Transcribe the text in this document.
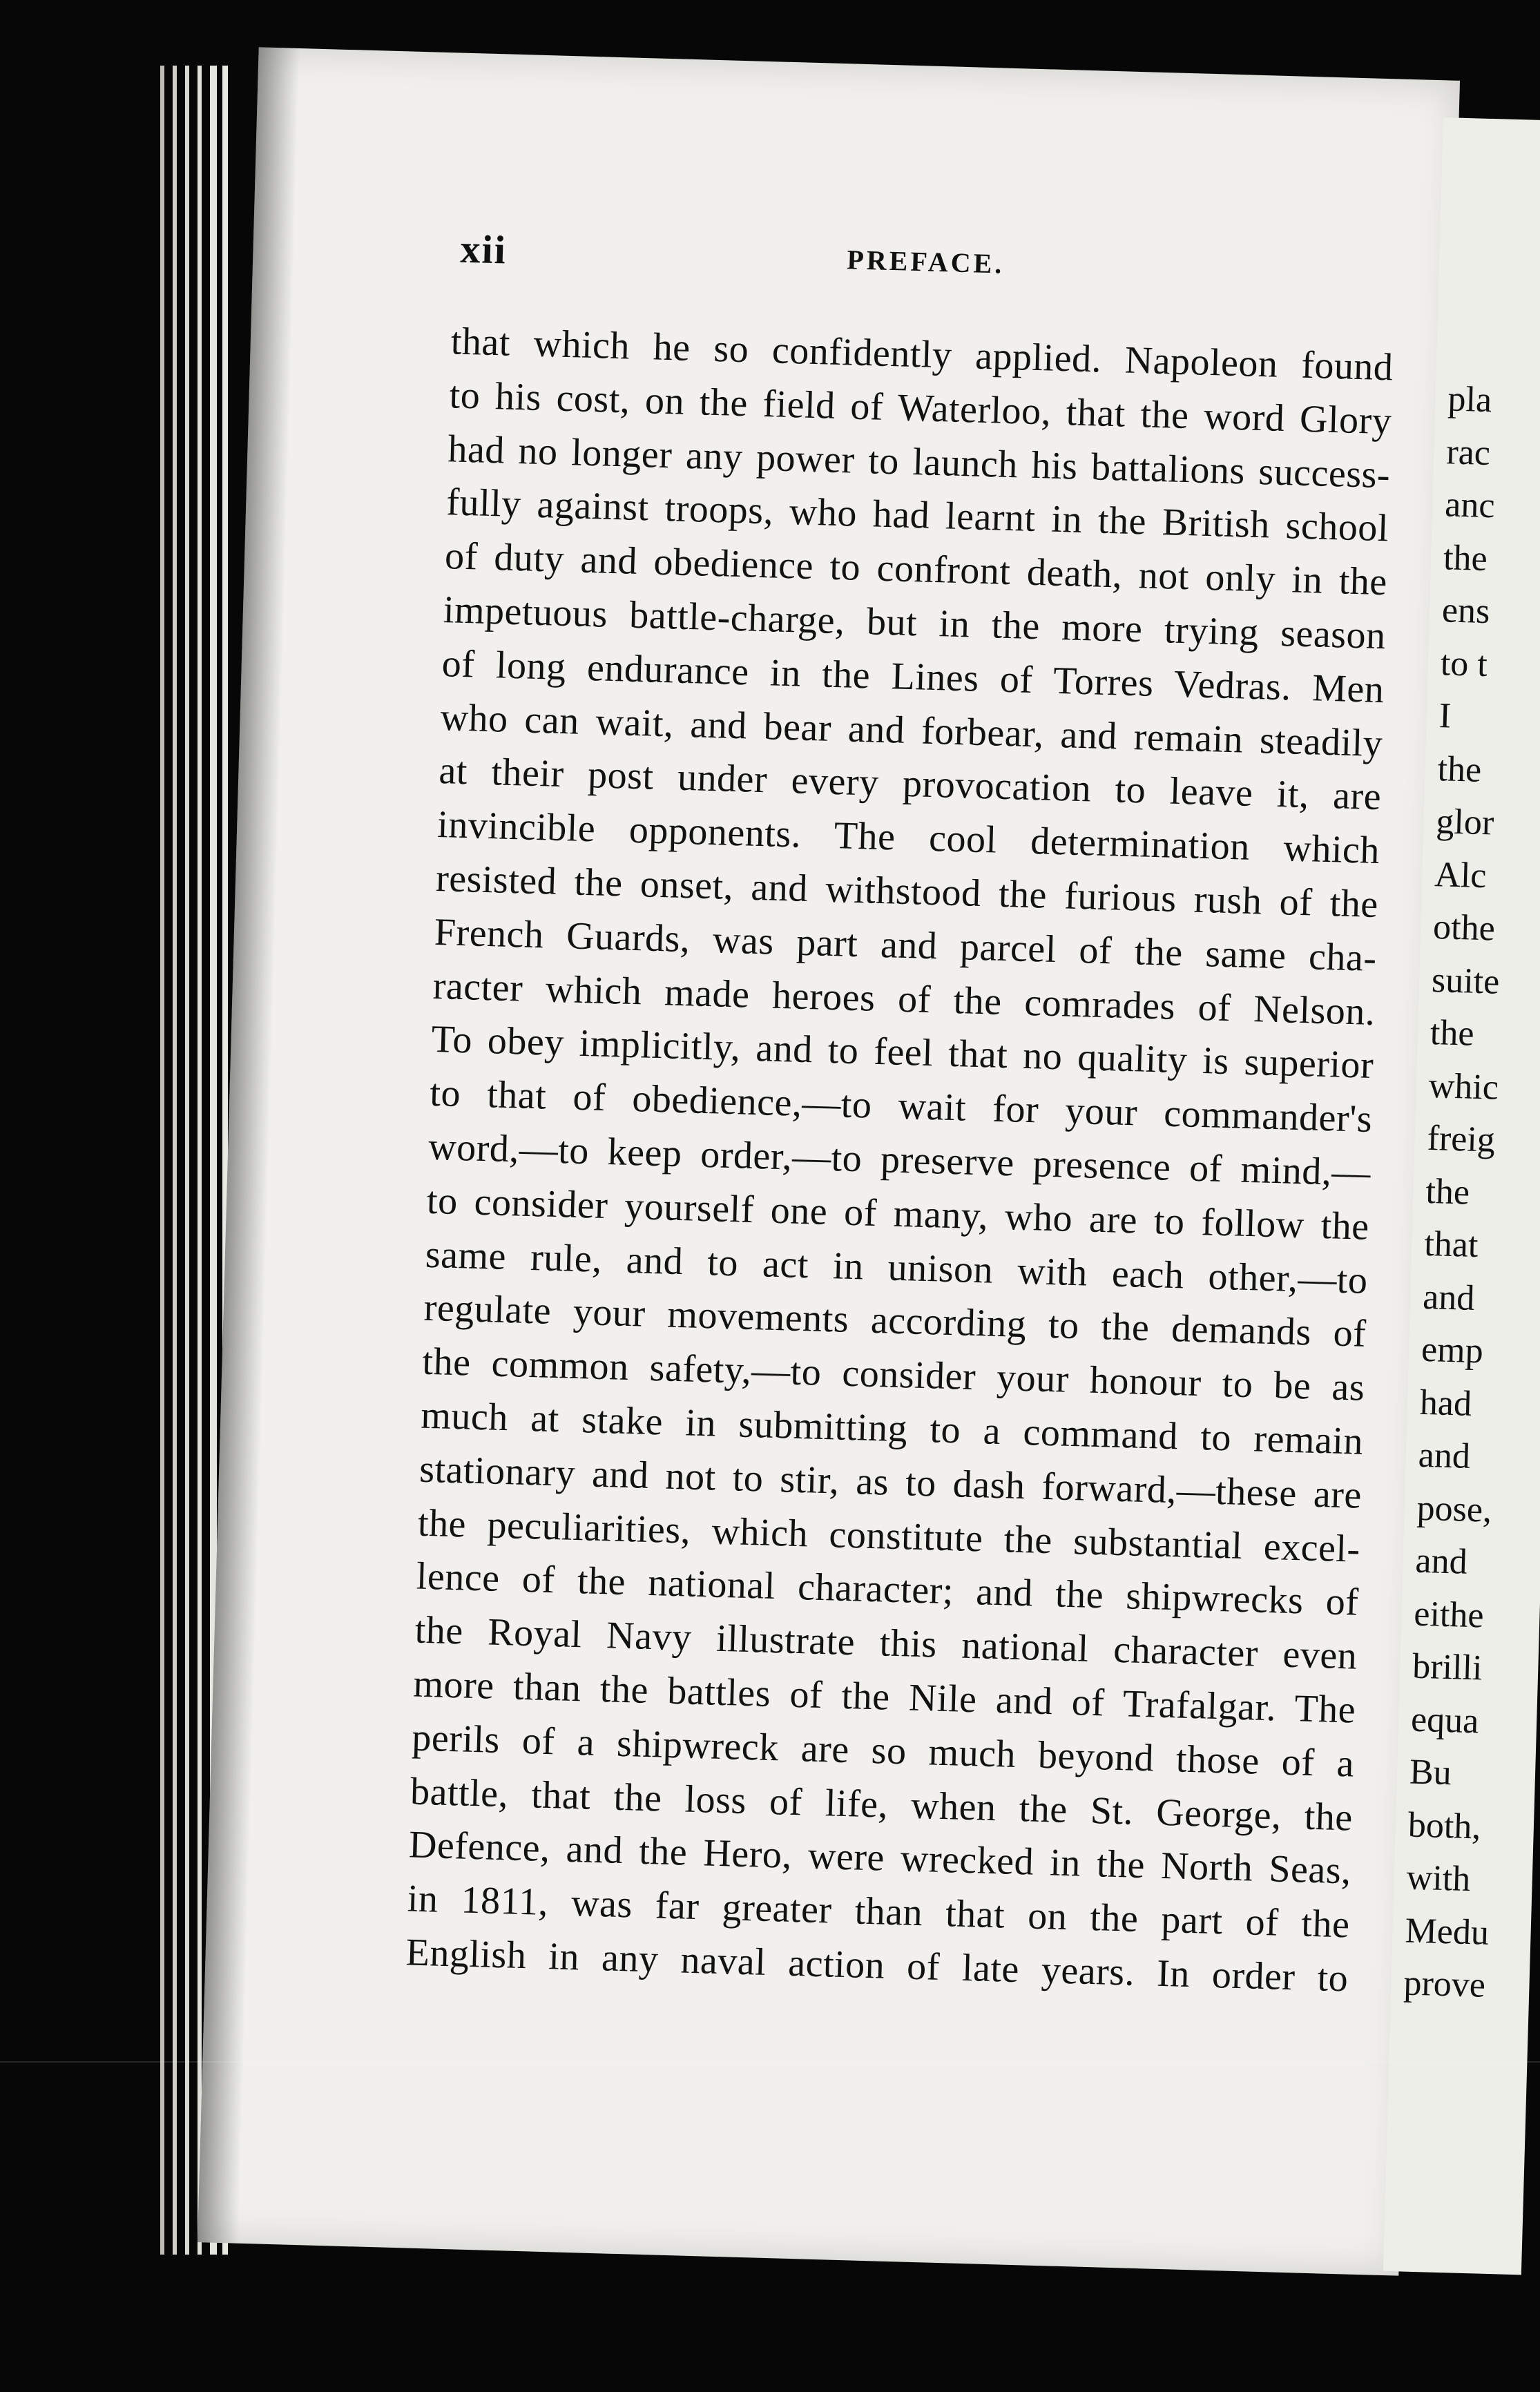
xii	PREFACE.
that which he so confidently applied. Napoleon found
to his cost, on the field of Waterloo, that the word Glory
had no longer any power to launch his battalions success-
fully against troops, who had learnt in the British school
of duty and obedience to confront death, not only in the
impetuous battle-charge, but in the more trying season
of long endurance in the Lines of Torres Vedras. Men
who can wait, and bear and forbear, and remain steadily
at their post under every provocation to leave it, are
invincible opponents. The cool determination which
resisted the onset, and withstood the furious rush of the
French Guards, was part and parcel of the same cha-
racter which made heroes of the comrades of Nelson.
To obey implicitly, and to feel that no quality is superior
to that of obedience,—to wait for your commander's
word,—to keep order,—to preserve presence of mind,—
to consider yourself one of many, who are to follow the
same rule, and to act in unison with each other,—to
regulate your movements according to the demands of
the common safety,—to consider your honour to be as
much at stake in submitting to a command to remain
stationary and not to stir, as to dash forward,—these are
the peculiarities, which constitute the substantial excel-
lence of the national character; and the shipwrecks of
the Royal Navy illustrate this national character even
more than the battles of the Nile and of Trafalgar. The
perils of a shipwreck are so much beyond those of a
battle, that the loss of life, when the St. George, the
Defence, and the Hero, were wrecked in the North Seas,
in 1811, was far greater than that on the part of the
English in any naval action of late years. In order to
pla
rac
anc
the
ens
to t
I
the
glor
Alc
othe
suite
the
whic
freig
the
that
and
emp
had
and
pose,
and
eithe
brilli
equa
Bu
both,
with
Medu
prove
